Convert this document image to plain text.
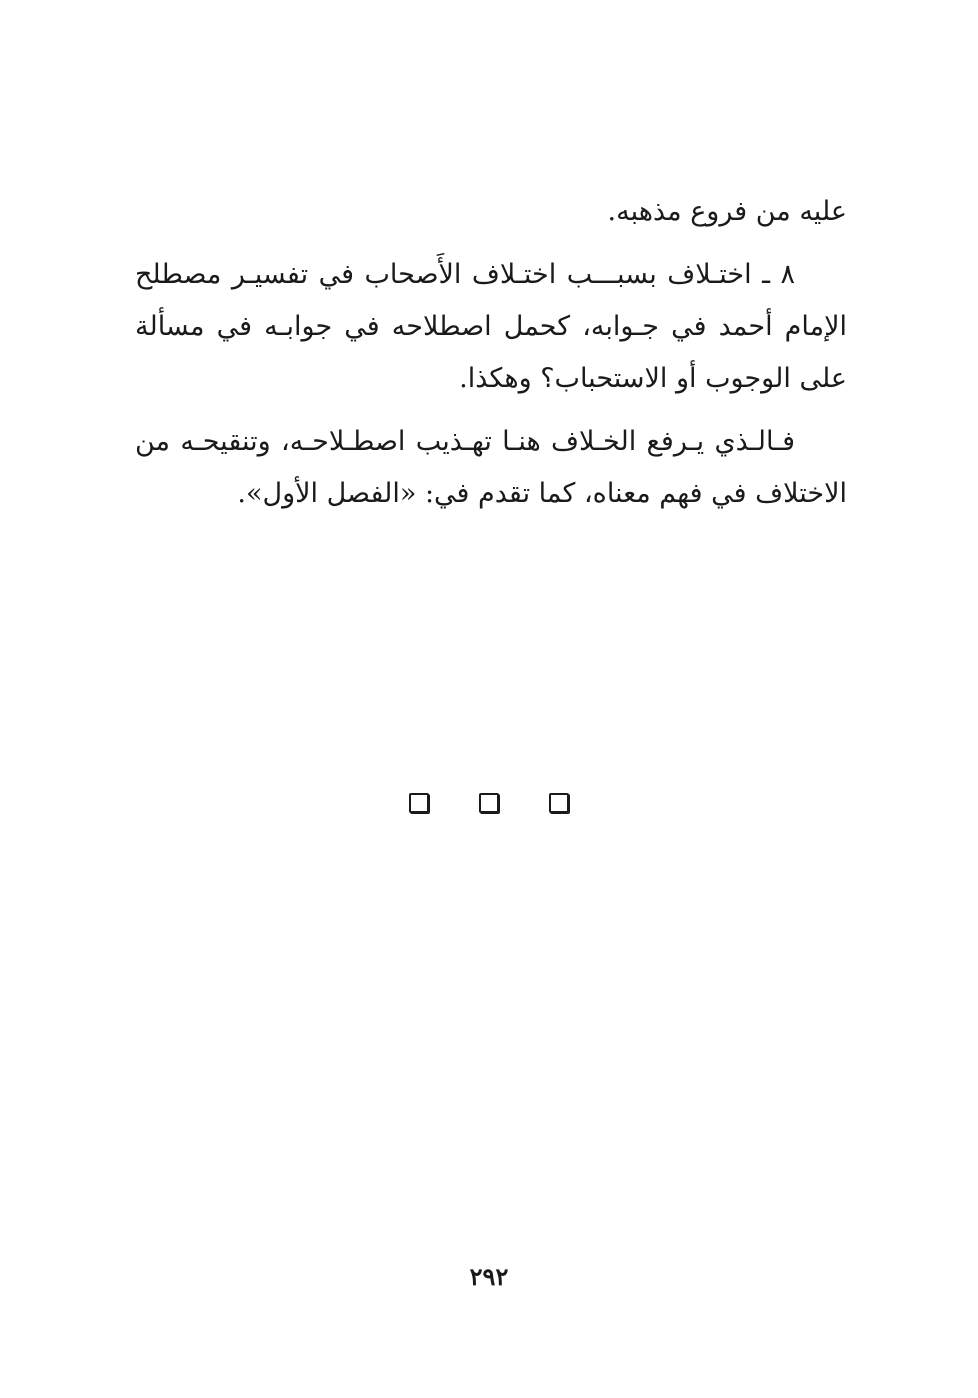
عليه من فروع مذهبه.

٨ ـ اختـلاف بسبـــب اختـلاف الأَصحاب في تفسيـر مصطلح الإمام أحمد في جـوابه، كحمل اصطلاحه في جوابـه في مسألة على الوجوب أو الاستحباب؟ وهكذا.

فـالـذي يـرفع الخـلاف هنـا تهـذيب اصطـلاحـه، وتنقيحـه من الاختلاف في فهم معناه، كما تقدم في: «الفصل الأول».

٢٩٢
